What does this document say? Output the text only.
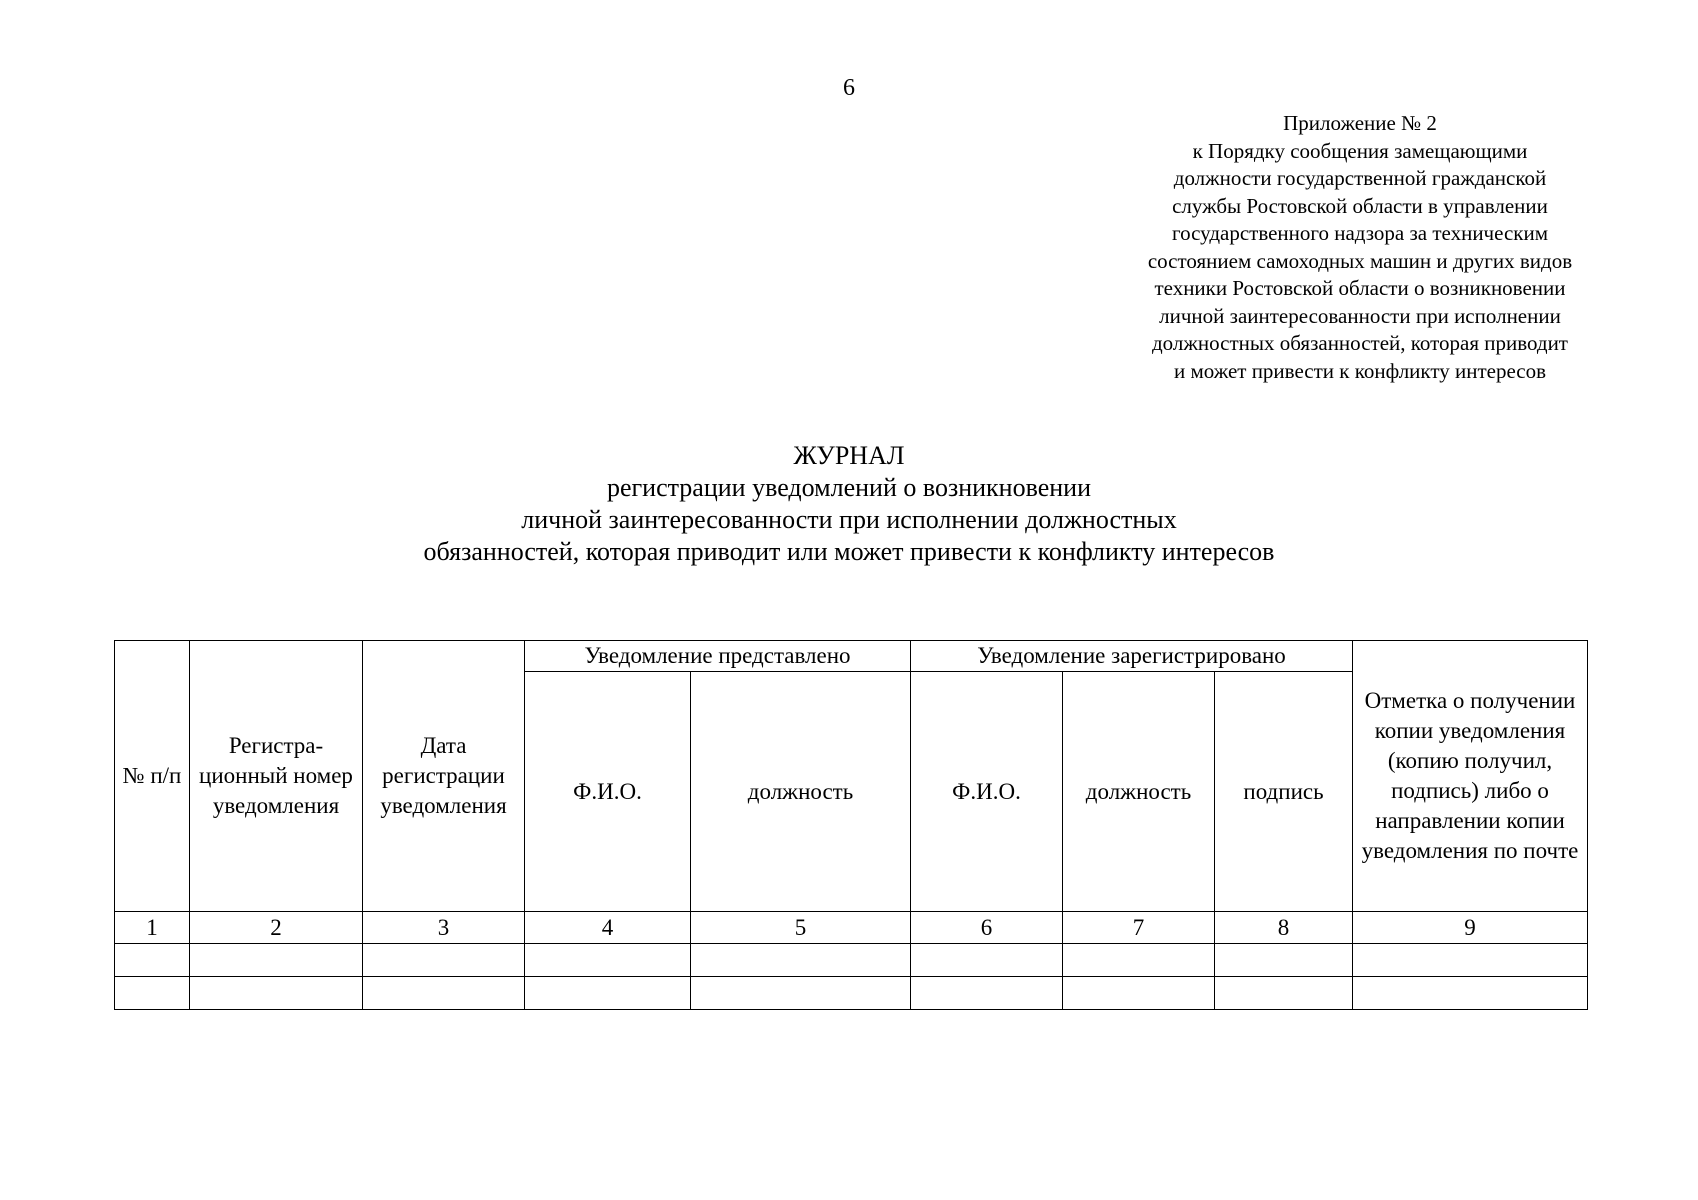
6
Приложение № 2
к Порядку сообщения замещающими
должности государственной гражданской
службы Ростовской области в управлении
государственного надзора за техническим
состоянием самоходных машин и других видов
техники Ростовской области о возникновении
личной заинтересованности при исполнении
должностных обязанностей, которая приводит
и может привести к конфликту интересов
ЖУРНАЛ
регистрации уведомлений о возникновении
личной заинтересованности при исполнении должностных
обязанностей, которая приводит или может привести к конфликту интересов
№ п/п	Регистра-ционный номер уведомления	Дата регистрации уведомления	Уведомление представлено		Уведомление зарегистрировано			Отметка о получении копии уведомления (копию получил, подпись) либо о направлении копии уведомления по почте
			Ф.И.О.	должность	Ф.И.О.	должность	подпись	
1	2	3	4	5	6	7	8	9
